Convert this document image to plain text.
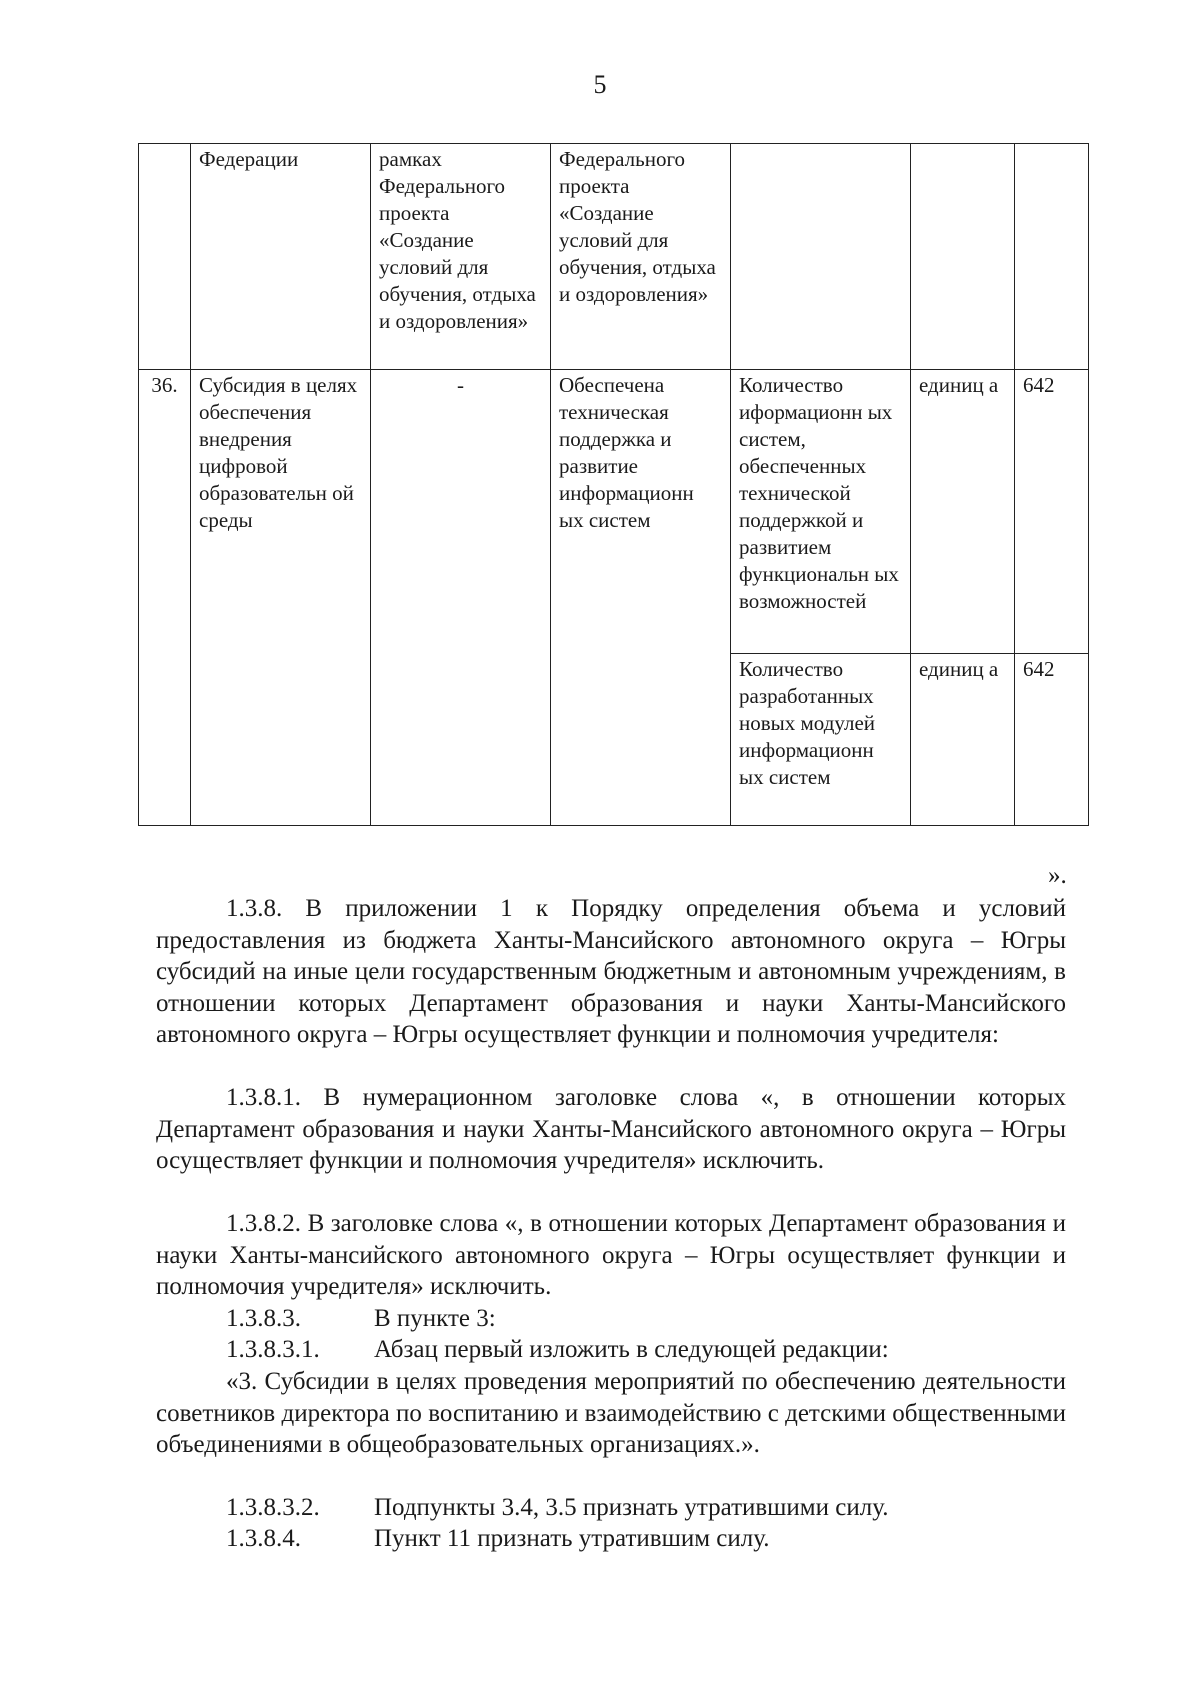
5
	Федерации	рамках Федерального проекта «Создание условий для обучения, отдыха и оздоровления»	Федерального проекта «Создание условий для обучения, отдыха и оздоровления»			
36.	Субсидия в целях обеспечения внедрения цифровой образовательн ой среды	-	Обеспечена техническая поддержка и развитие информационн ых систем	Количество иформационн ых систем, обеспеченных технической поддержкой и развитием функциональн ых возможностей	единиц а	642
				Количество разработанных новых модулей информационн ых систем	единиц а	642
».

1.3.8. В приложении 1 к Порядку определения объема и условий предоставления из бюджета Ханты-Мансийского автономного округа – Югры субсидий на иные цели государственным бюджетным и автономным учреждениям, в отношении которых Департамент образования и науки Ханты-Мансийского автономного округа – Югры осуществляет функции и полномочия учредителя:

1.3.8.1. В нумерационном заголовке слова «, в отношении которых Департамент образования и науки Ханты-Мансийского автономного округа – Югры осуществляет функции и полномочия учредителя» исключить.

1.3.8.2. В заголовке слова «, в отношении которых Департамент образования и науки Ханты-мансийского автономного округа – Югры осуществляет функции и полномочия учредителя» исключить.

1.3.8.3.	В пункте 3:
1.3.8.3.1. Абзац первый изложить в следующей редакции:

«3. Субсидии в целях проведения мероприятий по обеспечению деятельности советников директора по воспитанию и взаимодействию с детскими общественными объединениями в общеобразовательных организациях.».

1.3.8.3.2. Подпункты 3.4, 3.5 признать утратившими силу.
1.3.8.4.	Пункт 11 признать утратившим силу.
